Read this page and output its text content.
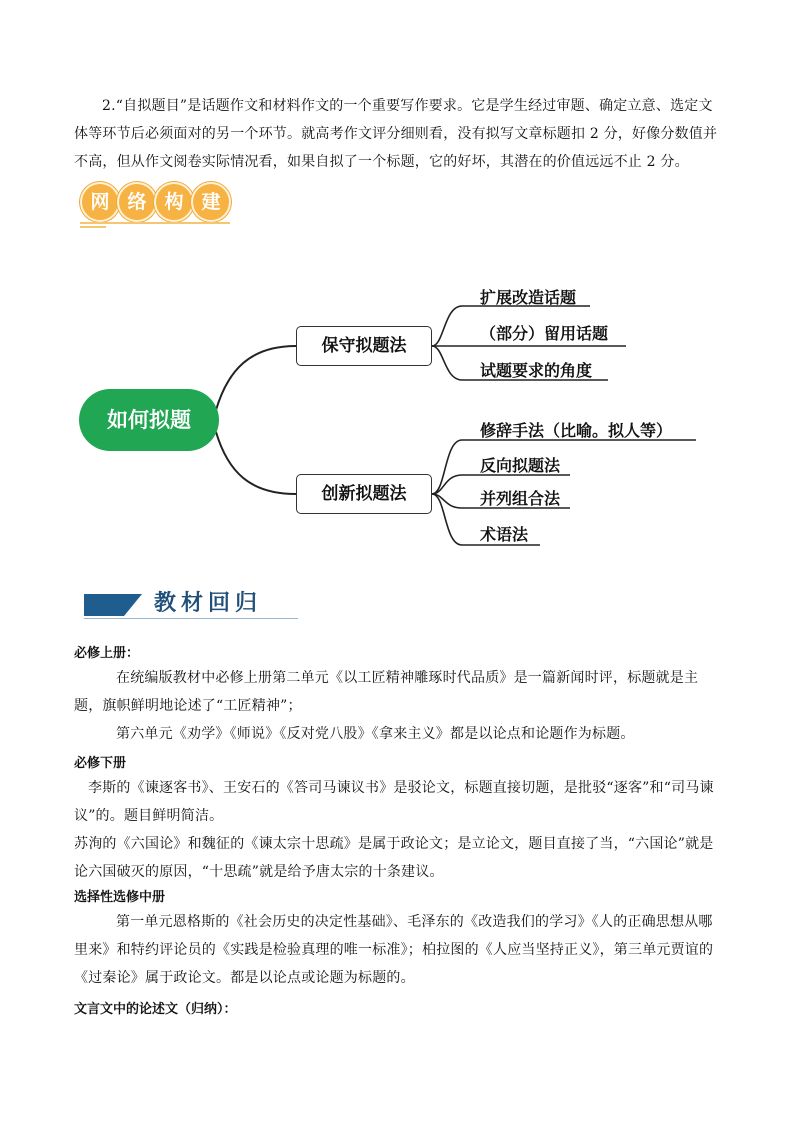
2.“自拟题目”是话题作文和材料作文的一个重要写作要求。它是学生经过审题、确定立意、选定文体等环节后必须面对的另一个环节。就高考作文评分细则看，没有拟写文章标题扣 2 分，好像分数值并不高，但从作文阅卷实际情况看，如果自拟了一个标题，它的好坏，其潜在的价值远远不止 2 分。
网 络 构 建
如何拟题
保守拟题法
创新拟题法
扩展改造话题
（部分）留用话题
试题要求的角度
修辞手法（比喻。拟人等）
反向拟题法
并列组合法
术语法
教材回归
必修上册：
在统编版教材中必修上册第二单元《以工匠精神雕琢时代品质》是一篇新闻时评，标题就是主题，旗帜鲜明地论述了“工匠精神”；
第六单元《劝学》《师说》《反对党八股》《拿来主义》都是以论点和论题作为标题。
必修下册
李斯的《谏逐客书》、王安石的《答司马谏议书》是驳论文，标题直接切题，是批驳“逐客”和“司马谏议”的。题目鲜明简洁。
苏洵的《六国论》和魏征的《谏太宗十思疏》是属于政论文；是立论文，题目直接了当，“六国论”就是论六国破灭的原因，“十思疏”就是给予唐太宗的十条建议。
选择性选修中册
第一单元恩格斯的《社会历史的决定性基础》、毛泽东的《改造我们的学习》《人的正确思想从哪里来》和特约评论员的《实践是检验真理的唯一标准》；柏拉图的《人应当坚持正义》，第三单元贾谊的《过秦论》属于政论文。都是以论点或论题为标题的。
文言文中的论述文（归纳）：
